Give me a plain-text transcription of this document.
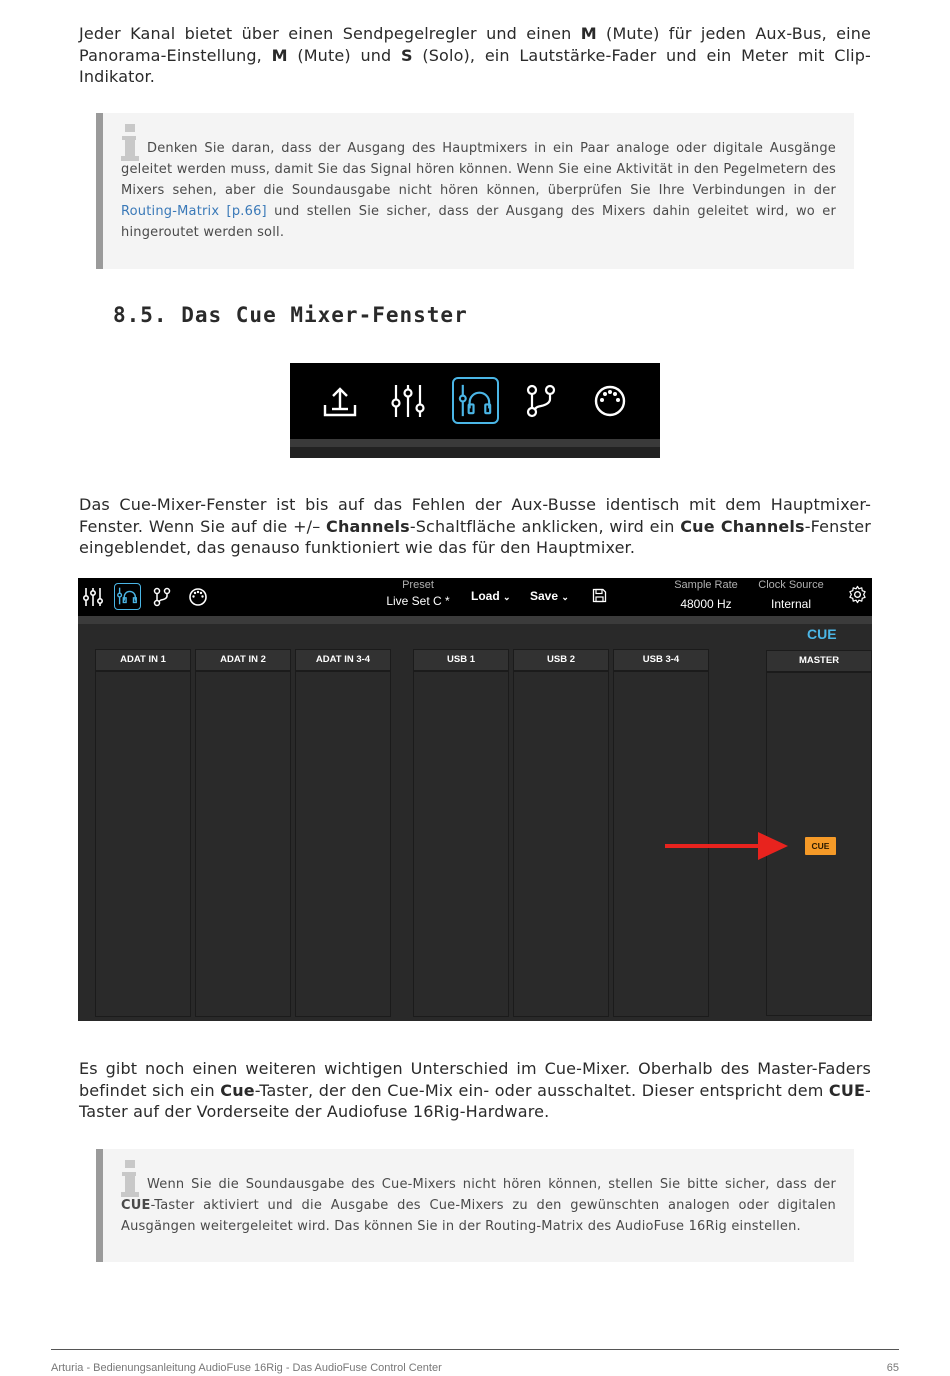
Jeder Kanal bietet über einen Sendpegelregler und einen M (Mute) für jeden Aux-Bus, eine Panorama-Einstellung, M (Mute) und S (Solo), ein Lautstärke-Fader und ein Meter mit Clip-Indikator.

Denken Sie daran, dass der Ausgang des Hauptmixers in ein Paar analoge oder digitale Ausgänge geleitet werden muss, damit Sie das Signal hören können. Wenn Sie eine Aktivität in den Pegelmetern des Mixers sehen, aber die Soundausgabe nicht hören können, überprüfen Sie Ihre Verbindungen in der Routing-Matrix [p.66] und stellen Sie sicher, dass der Ausgang des Mixers dahin geleitet wird, wo er hingeroutet werden soll.

8.5. Das Cue Mixer-Fenster

Das Cue-Mixer-Fenster ist bis auf das Fehlen der Aux-Busse identisch mit dem Hauptmixer-Fenster. Wenn Sie auf die +/– Channels-Schaltfläche anklicken, wird ein Cue Channels-Fenster eingeblendet, das genauso funktioniert wie das für den Hauptmixer.

Preset
Live Set C *	Load ⌄ Save ⌄
Sample Rate
48000 Hz
Clock Source
Internal
CUE
ADAT IN 1	ADAT IN 2	ADAT IN 3-4	USB 1	USB 2	USB 3-4	MASTER
CUE

Es gibt noch einen weiteren wichtigen Unterschied im Cue-Mixer. Oberhalb des Master-Faders befindet sich ein Cue-Taster, der den Cue-Mix ein- oder ausschaltet. Dieser entspricht dem CUE-Taster auf der Vorderseite der Audiofuse 16Rig-Hardware.

Wenn Sie die Soundausgabe des Cue-Mixers nicht hören können, stellen Sie bitte sicher, dass der CUE-Taster aktiviert und die Ausgabe des Cue-Mixers zu den gewünschten analogen oder digitalen Ausgängen weitergeleitet wird. Das können Sie in der Routing-Matrix des AudioFuse 16Rig einstellen.

Arturia - Bedienungsanleitung AudioFuse 16Rig - Das AudioFuse Control Center	65
